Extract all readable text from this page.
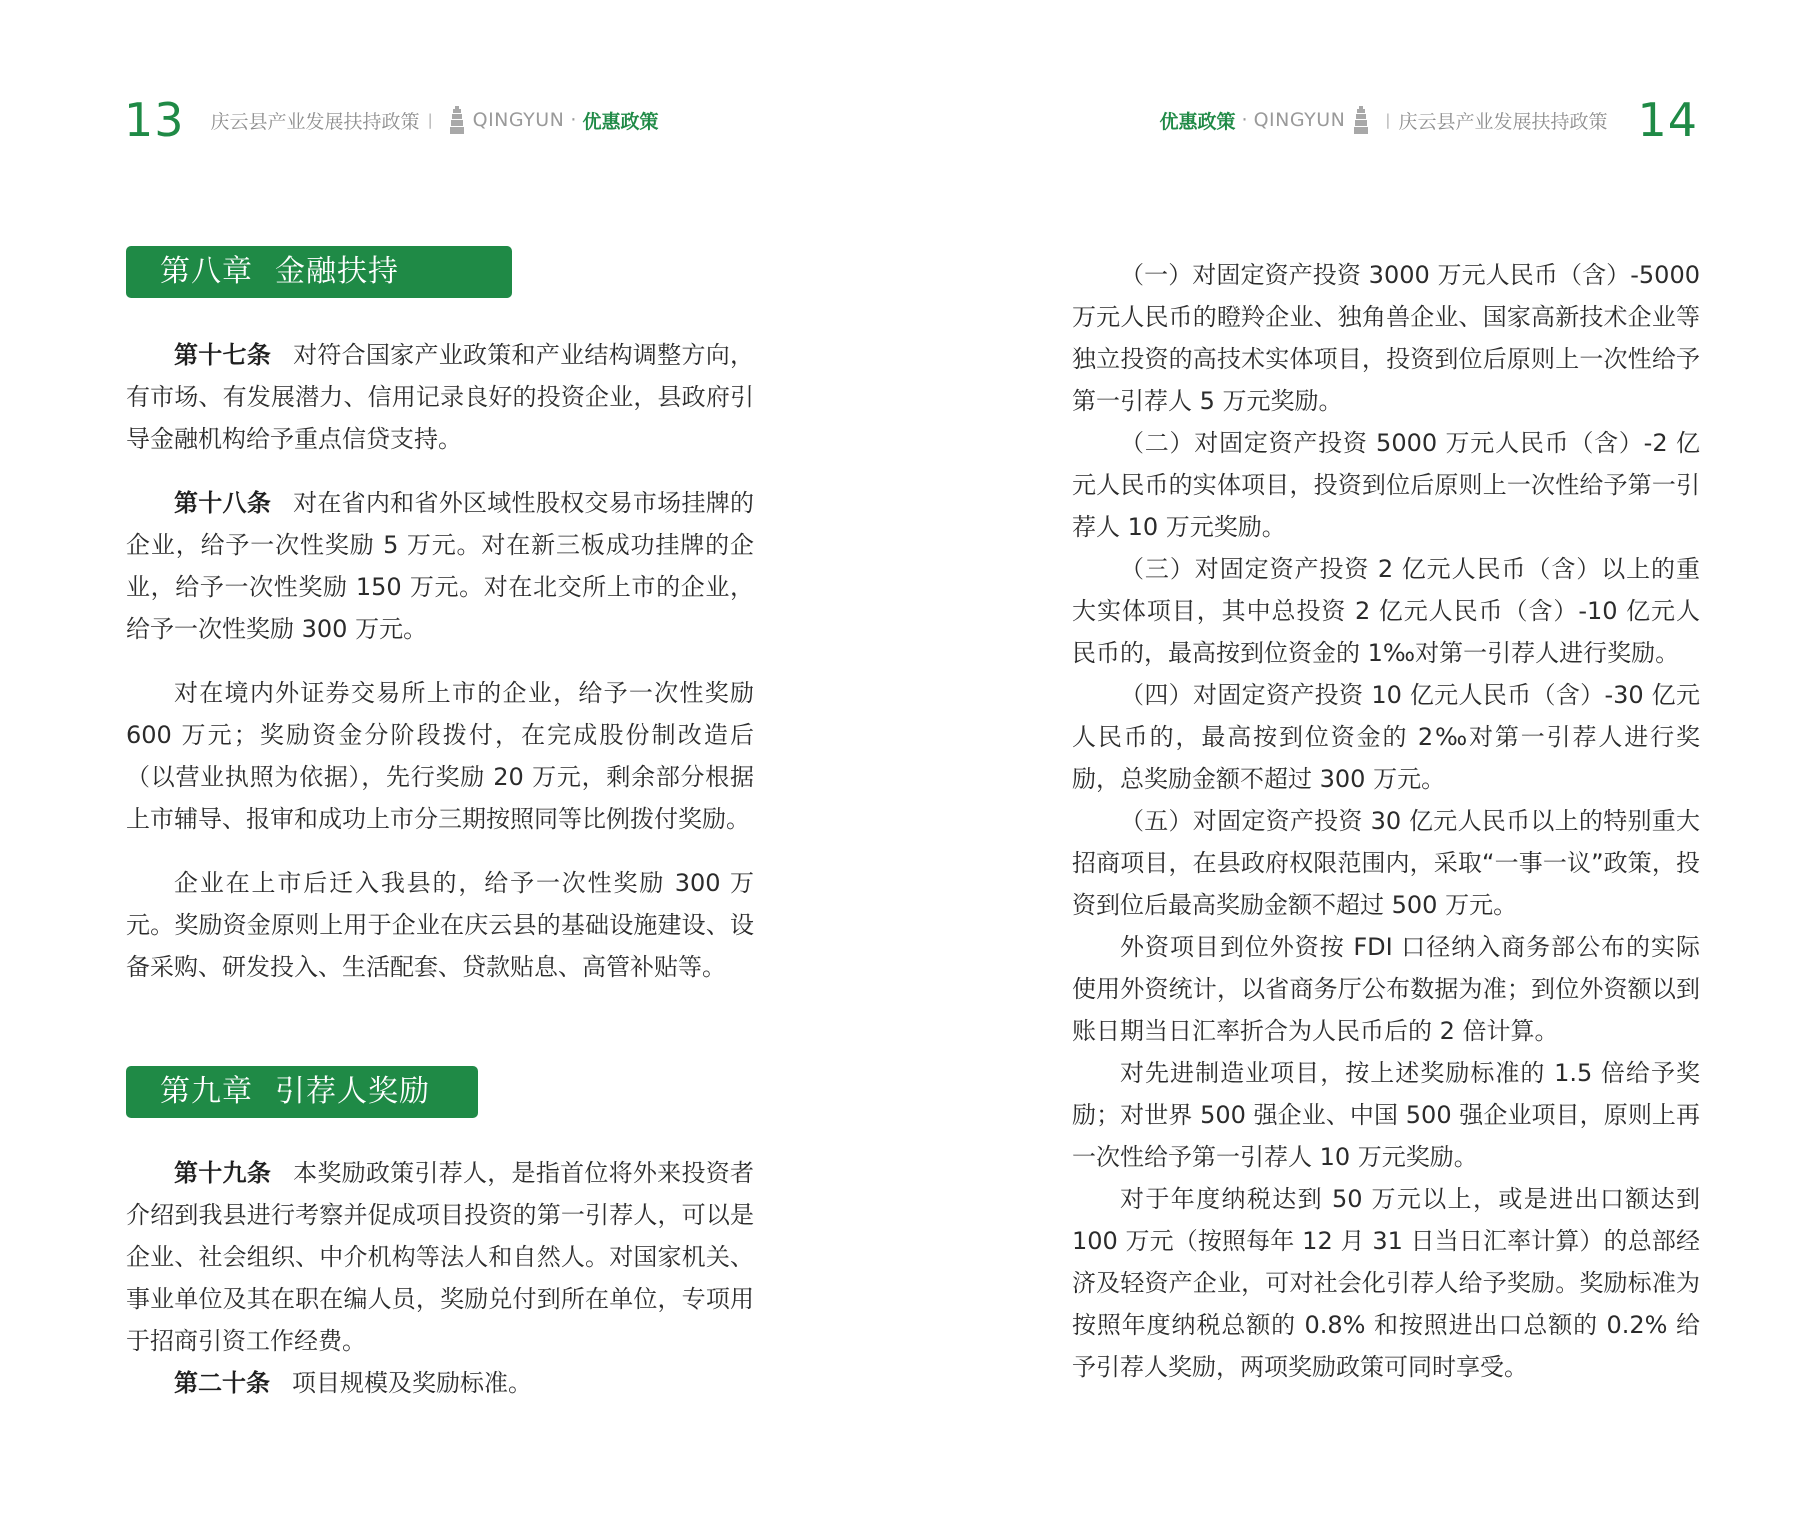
13 庆云县产业发展扶持政策 | QINGYUN · 优惠政策
第八章 金融扶持

第十七条 对符合国家产业政策和产业结构调整方向，有市场、有发展潜力、信用记录良好的投资企业，县政府引导金融机构给予重点信贷支持。

第十八条 对在省内和省外区域性股权交易市场挂牌的企业，给予一次性奖励 5 万元。对在新三板成功挂牌的企业，给予一次性奖励 150 万元。对在北交所上市的企业，给予一次性奖励 300 万元。

对在境内外证券交易所上市的企业，给予一次性奖励 600 万元；奖励资金分阶段拨付，在完成股份制改造后（以营业执照为依据），先行奖励 20 万元，剩余部分根据上市辅导、报审和成功上市分三期按照同等比例拨付奖励。

企业在上市后迁入我县的，给予一次性奖励 300 万元。奖励资金原则上用于企业在庆云县的基础设施建设、设备采购、研发投入、生活配套、贷款贴息、高管补贴等。

第九章 引荐人奖励

第十九条 本奖励政策引荐人，是指首位将外来投资者介绍到我县进行考察并促成项目投资的第一引荐人，可以是企业、社会组织、中介机构等法人和自然人。对国家机关、事业单位及其在职在编人员，奖励兑付到所在单位，专项用于招商引资工作经费。

第二十条 项目规模及奖励标准。

优惠政策 · QINGYUN	| 庆云县产业发展扶持政策 14

（一）对固定资产投资 3000 万元人民币（含）-5000 万元人民币的瞪羚企业、独角兽企业、国家高新技术企业等独立投资的高技术实体项目，投资到位后原则上一次性给予第一引荐人 5 万元奖励。

（二）对固定资产投资 5000 万元人民币（含）-2 亿元人民币的实体项目，投资到位后原则上一次性给予第一引荐人 10 万元奖励。

（三）对固定资产投资 2 亿元人民币（含）以上的重大实体项目，其中总投资 2 亿元人民币（含）-10 亿元人民币的，最高按到位资金的 1‰对第一引荐人进行奖励。

（四）对固定资产投资 10 亿元人民币（含）-30 亿元人民币的，最高按到位资金的 2‰对第一引荐人进行奖励，总奖励金额不超过 300 万元。

（五）对固定资产投资 30 亿元人民币以上的特别重大招商项目，在县政府权限范围内，采取“一事一议”政策，投资到位后最高奖励金额不超过 500 万元。

外资项目到位外资按 FDI 口径纳入商务部公布的实际使用外资统计，以省商务厅公布数据为准；到位外资额以到账日期当日汇率折合为人民币后的 2 倍计算。

对先进制造业项目，按上述奖励标准的 1.5 倍给予奖励；对世界 500 强企业、中国 500 强企业项目，原则上再一次性给予第一引荐人 10 万元奖励。

对于年度纳税达到 50 万元以上，或是进出口额达到 100 万元（按照每年 12 月 31 日当日汇率计算）的总部经济及轻资产企业，可对社会化引荐人给予奖励。奖励标准为按照年度纳税总额的 0.8% 和按照进出口总额的 0.2% 给予引荐人奖励，两项奖励政策可同时享受。
